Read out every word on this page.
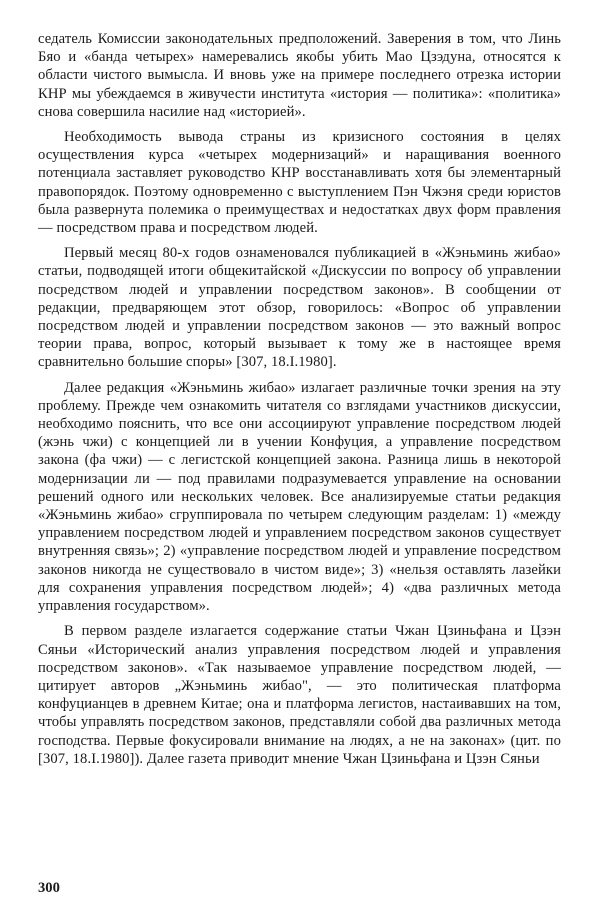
седатель Комиссии законодательных предположений. Заверения в том, что Линь Бяо и «банда четырех» намеревались якобы убить Мао Цзэдуна, относятся к области чистого вымысла. И вновь уже на примере последнего отрезка истории КНР мы убеждаемся в живучести института «история — политика»: «политика» снова совершила насилие над «историей».

Необходимость вывода страны из кризисного состояния в целях осуществления курса «четырех модернизаций» и наращивания военного потенциала заставляет руководство КНР восстанавливать хотя бы элементарный правопорядок. Поэтому одновременно с выступлением Пэн Чжэня среди юристов была развернута полемика о преимуществах и недостатках двух форм правления — посредством права и посредством людей.

Первый месяц 80-х годов ознаменовался публикацией в «Жэньминь жибао» статьи, подводящей итоги общекитайской «Дискуссии по вопросу об управлении посредством людей и управлении посредством законов». В сообщении от редакции, предваряющем этот обзор, говорилось: «Вопрос об управлении посредством людей и управлении посредством законов — это важный вопрос теории права, вопрос, который вызывает к тому же в настоящее время сравнительно большие споры» [307, 18.I.1980].

Далее редакция «Жэньминь жибао» излагает различные точки зрения на эту проблему. Прежде чем ознакомить читателя со взглядами участников дискуссии, необходимо пояснить, что все они ассоциируют управление посредством людей (жэнь чжи) с концепцией ли в учении Конфуция, а управление посредством закона (фа чжи) — с легистской концепцией закона. Разница лишь в некоторой модернизации ли — под правилами подразумевается управление на основании решений одного или нескольких человек. Все анализируемые статьи редакция «Жэньминь жибао» сгруппировала по четырем следующим разделам: 1) «между управлением посредством людей и управлением посредством законов существует внутренняя связь»; 2) «управление посредством людей и управление посредством законов никогда не существовало в чистом виде»; 3) «нельзя оставлять лазейки для сохранения управления посредством людей»; 4) «два различных метода управления государством».

В первом разделе излагается содержание статьи Чжан Цзиньфана и Цзэн Сяньи «Исторический анализ управления посредством людей и управления посредством законов». «Так называемое управление посредством людей, — цитирует авторов „Жэньминь жибао", — это политическая платформа конфуцианцев в древнем Китае; она и платформа легистов, настаивавших на том, чтобы управлять посредством законов, представляли собой два различных метода господства. Первые фокусировали внимание на людях, а не на законах» (цит. по [307, 18.I.1980]). Далее газета приводит мнение Чжан Цзиньфана и Цзэн Сяньи

300
